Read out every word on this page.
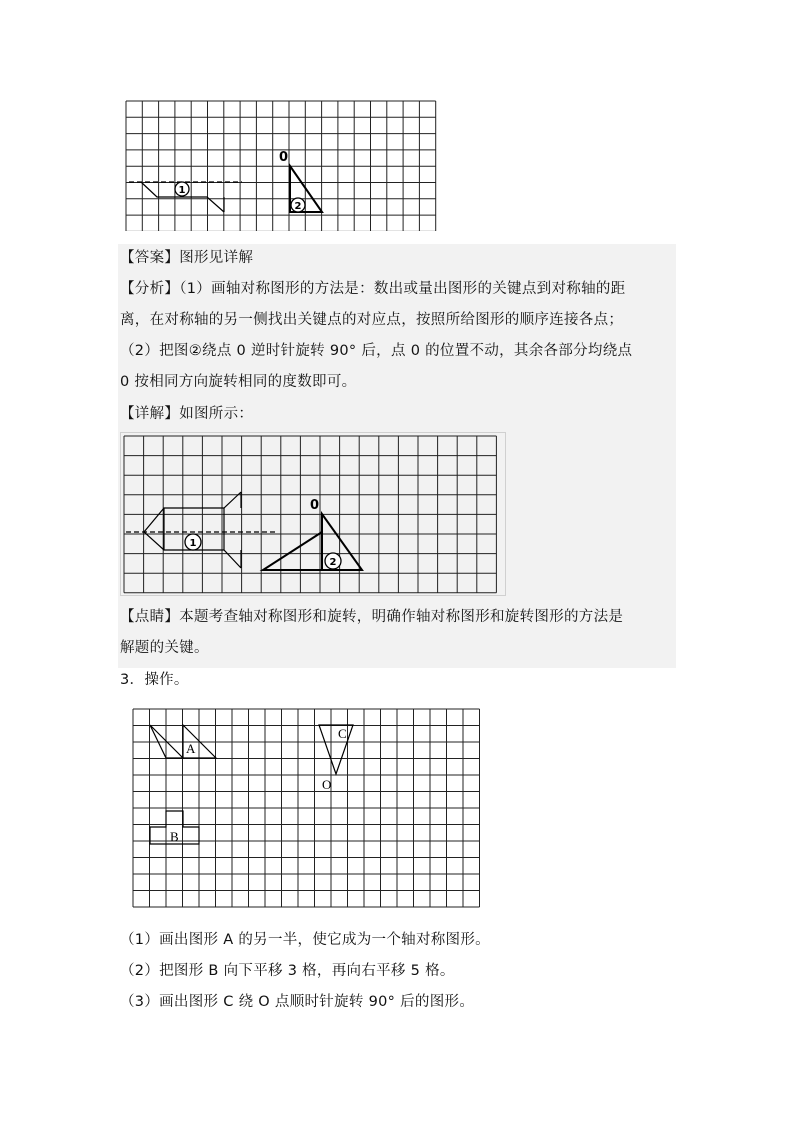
1
2
0
【答案】图形见详解
【分析】（1）画轴对称图形的方法是：数出或量出图形的关键点到对称轴的距
离，在对称轴的另一侧找出关键点的对应点，按照所给图形的顺序连接各点；
（2）把图②绕点 0 逆时针旋转 90° 后，点 0 的位置不动，其余各部分均绕点
0 按相同方向旋转相同的度数即可。
【详解】如图所示：
1
2
0
【点睛】本题考查轴对称图形和旋转，明确作轴对称图形和旋转图形的方法是
解题的关键。
3．操作。
A
B
C
O
（1）画出图形 A 的另一半，使它成为一个轴对称图形。
（2）把图形 B 向下平移 3 格，再向右平移 5 格。
（3）画出图形 C 绕 O 点顺时针旋转 90° 后的图形。
